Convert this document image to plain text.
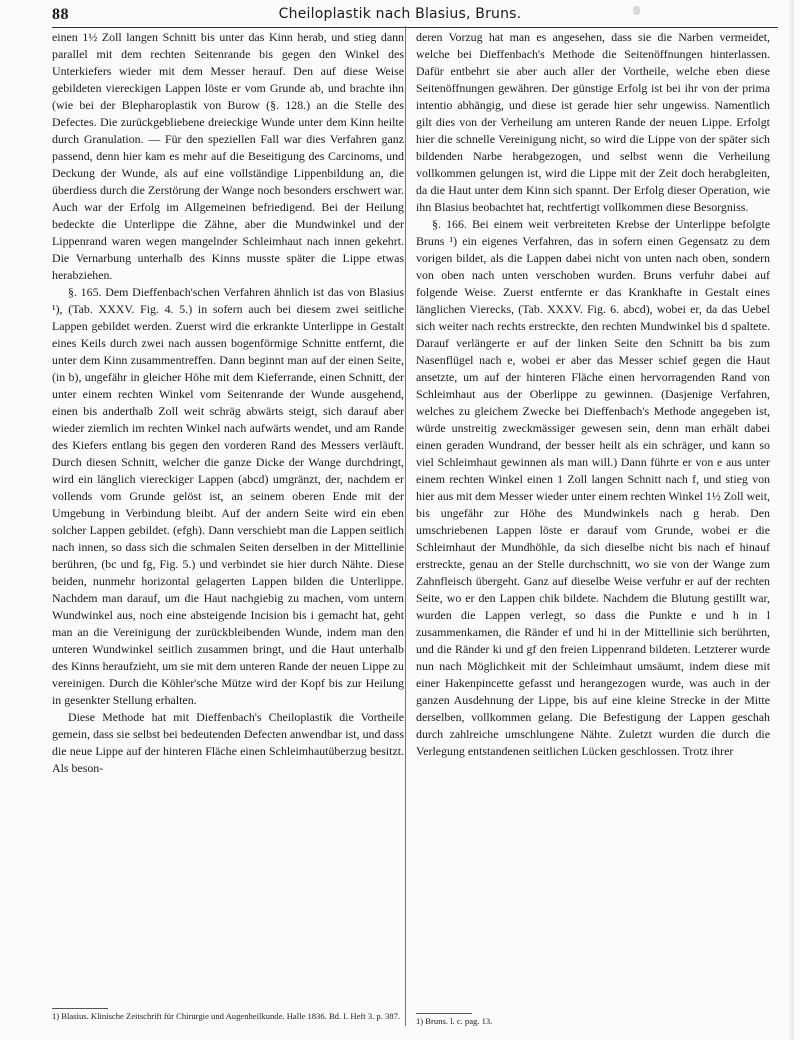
88	Cheiloplastik nach Blasius, Bruns.

einen 1½ Zoll langen Schnitt bis unter das Kinn herab, und stieg dann parallel mit dem rechten Seitenrande bis gegen den Winkel des Unterkiefers wieder mit dem Messer herauf. Den auf diese Weise gebildeten viereckigen Lappen löste er vom Grunde ab, und brachte ihn (wie bei der Blepharoplastik von Burow (§. 128.) an die Stelle des Defectes. Die zurückgebliebene dreieckige Wunde unter dem Kinn heilte durch Granulation. — Für den speziellen Fall war dies Verfahren ganz passend, denn hier kam es mehr auf die Beseitigung des Carcinoms, und Deckung der Wunde, als auf eine vollständige Lippenbildung an, die überdiess durch die Zerstörung der Wange noch besonders erschwert war. Auch war der Erfolg im Allgemeinen befriedigend. Bei der Heilung bedeckte die Unterlippe die Zähne, aber die Mundwinkel und der Lippenrand waren wegen mangelnder Schleimhaut nach innen gekehrt. Die Vernarbung unterhalb des Kinns musste später die Lippe etwas herabziehen.

§. 165. Dem Dieffenbach'schen Verfahren ähnlich ist das von Blasius ¹), (Tab. XXXV. Fig. 4. 5.) in sofern auch bei diesem zwei seitliche Lappen gebildet werden. Zuerst wird die erkrankte Unterlippe in Gestalt eines Keils durch zwei nach aussen bogenförmige Schnitte entfernt, die unter dem Kinn zusammentreffen. Dann beginnt man auf der einen Seite, (in b), ungefähr in gleicher Höhe mit dem Kieferrande, einen Schnitt, der unter einem rechten Winkel vom Seitenrande der Wunde ausgehend, einen bis anderthalb Zoll weit schräg abwärts steigt, sich darauf aber wieder ziemlich im rechten Winkel nach aufwärts wendet, und am Rande des Kiefers entlang bis gegen den vorderen Rand des Messers verläuft. Durch diesen Schnitt, welcher die ganze Dicke der Wange durchdringt, wird ein länglich viereckiger Lappen (abcd) umgränzt, der, nachdem er vollends vom Grunde gelöst ist, an seinem oberen Ende mit der Umgebung in Verbindung bleibt. Auf der andern Seite wird ein eben solcher Lappen gebildet. (efgh). Dann verschiebt man die Lappen seitlich nach innen, so dass sich die schmalen Seiten derselben in der Mittellinie berühren, (bc und fg, Fig. 5.) und verbindet sie hier durch Nähte. Diese beiden, nunmehr horizontal gelagerten Lappen bilden die Unterlippe. Nachdem man darauf, um die Haut nachgiebig zu machen, vom untern Wundwinkel aus, noch eine absteigende Incision bis i gemacht hat, geht man an die Vereinigung der zurückbleibenden Wunde, indem man den unteren Wundwinkel seitlich zusammen bringt, und die Haut unterhalb des Kinns heraufzieht, um sie mit dem unteren Rande der neuen Lippe zu vereinigen. Durch die Köhler'sche Mütze wird der Kopf bis zur Heilung in gesenkter Stellung erhalten.

Diese Methode hat mit Dieffenbach's Cheiloplastik die Vortheile gemein, dass sie selbst bei bedeutenden Defecten anwendbar ist, und dass die neue Lippe auf der hinteren Fläche einen Schleimhautüberzug besitzt. Als beson-

deren Vorzug hat man es angesehen, dass sie die Narben vermeidet, welche bei Dieffenbach's Methode die Seitenöffnungen hinterlassen. Dafür entbehrt sie aber auch aller der Vortheile, welche eben diese Seitenöffnungen gewähren. Der günstige Erfolg ist bei ihr von der prima intentio abhängig, und diese ist gerade hier sehr ungewiss. Namentlich gilt dies von der Verheilung am unteren Rande der neuen Lippe. Erfolgt hier die schnelle Vereinigung nicht, so wird die Lippe von der später sich bildenden Narbe herabgezogen, und selbst wenn die Verheilung vollkommen gelungen ist, wird die Lippe mit der Zeit doch herabgleiten, da die Haut unter dem Kinn sich spannt. Der Erfolg dieser Operation, wie ihn Blasius beobachtet hat, rechtfertigt vollkommen diese Besorgniss.

§. 166. Bei einem weit verbreiteten Krebse der Unterlippe befolgte Bruns ¹) ein eigenes Verfahren, das in sofern einen Gegensatz zu dem vorigen bildet, als die Lappen dabei nicht von unten nach oben, sondern von oben nach unten verschoben wurden. Bruns verfuhr dabei auf folgende Weise. Zuerst entfernte er das Krankhafte in Gestalt eines länglichen Vierecks, (Tab. XXXV. Fig. 6. abcd), wobei er, da das Uebel sich weiter nach rechts erstreckte, den rechten Mundwinkel bis d spaltete. Darauf verlängerte er auf der linken Seite den Schnitt ba bis zum Nasenflügel nach e, wobei er aber das Messer schief gegen die Haut ansetzte, um auf der hinteren Fläche einen hervorragenden Rand von Schleimhaut aus der Oberlippe zu gewinnen. (Dasjenige Verfahren, welches zu gleichem Zwecke bei Dieffenbach's Methode angegeben ist, würde unstreitig zweckmässiger gewesen sein, denn man erhält dabei einen geraden Wundrand, der besser heilt als ein schräger, und kann so viel Schleimhaut gewinnen als man will.) Dann führte er von e aus unter einem rechten Winkel einen 1 Zoll langen Schnitt nach f, und stieg von hier aus mit dem Messer wieder unter einem rechten Winkel 1½ Zoll weit, bis ungefähr zur Höhe des Mundwinkels nach g herab. Den umschriebenen Lappen löste er darauf vom Grunde, wobei er die Schleimhaut der Mundhöhle, da sich dieselbe nicht bis nach ef hinauf erstreckte, genau an der Stelle durchschnitt, wo sie von der Wange zum Zahnfleisch übergeht. Ganz auf dieselbe Weise verfuhr er auf der rechten Seite, wo er den Lappen chik bildete. Nachdem die Blutung gestillt war, wurden die Lappen verlegt, so dass die Punkte e und h in l zusammenkamen, die Ränder ef und hi in der Mittellinie sich berührten, und die Ränder ki und gf den freien Lippenrand bildeten. Letzterer wurde nun nach Möglichkeit mit der Schleimhaut umsäumt, indem diese mit einer Hakenpincette gefasst und herangezogen wurde, was auch in der ganzen Ausdehnung der Lippe, bis auf eine kleine Strecke in der Mitte derselben, vollkommen gelang. Die Befestigung der Lappen geschah durch zahlreiche umschlungene Nähte. Zuletzt wurden die durch die Verlegung entstandenen seitlichen Lücken geschlossen. Trotz ihrer

1) Blasius. Klinische Zeitschrift für Chirurgie und Augenheilkunde. Halle 1836. Bd. I. Heft 3. p. 387. 1) Bruns. l. c. pag. 13.
